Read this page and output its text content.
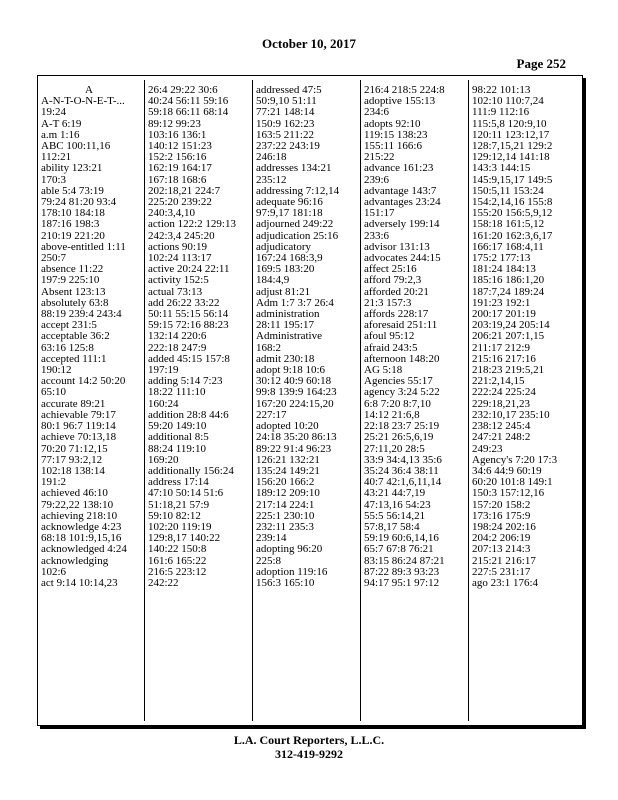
October 10, 2017
Page 252
A
A-N-T-O-N-E-T-...
19:24
A-T 6:19
a.m 1:16
ABC 100:11,16
112:21
ability 123:21
170:3
able 5:4 73:19
79:24 81:20 93:4
178:10 184:18
187:16 198:3
210:19 221:20
above-entitled 1:11
250:7
absence 11:22
197:9 225:10
Absent 123:13
absolutely 63:8
88:19 239:4 243:4
accept 231:5
acceptable 36:2
63:16 125:8
accepted 111:1
190:12
account 14:2 50:20
65:10
accurate 89:21
achievable 79:17
80:1 96:7 119:14
achieve 70:13,18
70:20 71:12,15
77:17 93:2,12
102:18 138:14
191:2
achieved 46:10
79:22,22 138:10
achieving 218:10
acknowledge 4:23
68:18 101:9,15,16
acknowledged 4:24
acknowledging
102:6
act 9:14 10:14,23
26:4 29:22 30:6
40:24 56:11 59:16
59:18 66:11 68:14
89:12 99:23
103:16 136:1
140:12 151:23
152:2 156:16
162:19 164:17
167:18 168:6
202:18,21 224:7
225:20 239:22
240:3,4,10
action 122:2 129:13
242:3,4 245:20
actions 90:19
102:24 113:17
active 20:24 22:11
activity 152:5
actual 73:13
add 26:22 33:22
50:11 55:15 56:14
59:15 72:16 88:23
132:14 220:6
222:18 247:9
added 45:15 157:8
197:19
adding 5:14 7:23
18:22 111:10
160:24
addition 28:8 44:6
59:20 149:10
additional 8:5
88:24 119:10
169:20
additionally 156:24
address 17:14
47:10 50:14 51:6
51:18,21 57:9
59:10 82:12
102:20 119:19
129:8,17 140:22
140:22 150:8
161:6 165:22
216:5 223:12
242:22
addressed 47:5
50:9,10 51:11
77:21 148:14
150:9 162:23
163:5 211:22
237:22 243:19
246:18
addresses 134:21
235:12
addressing 7:12,14
adequate 96:16
97:9,17 181:18
adjourned 249:22
adjudication 25:16
adjudicatory
167:24 168:3,9
169:5 183:20
184:4,9
adjust 81:21
Adm 1:7 3:7 26:4
administration
28:11 195:17
Administrative
168:2
admit 230:18
adopt 9:18 10:6
30:12 40:9 60:18
99:8 139:9 164:23
167:20 224:15,20
227:17
adopted 10:20
24:18 35:20 86:13
89:22 91:4 96:23
126:21 132:21
135:24 149:21
156:20 166:2
189:12 209:10
217:14 224:1
225:1 230:10
232:11 235:3
239:14
adopting 96:20
225:8
adoption 119:16
156:3 165:10
216:4 218:5 224:8
adoptive 155:13
234:6
adopts 92:10
119:15 138:23
155:11 166:6
215:22
advance 161:23
239:6
advantage 143:7
advantages 23:24
151:17
adversely 199:14
233:6
advisor 131:13
advocates 244:15
affect 25:16
afford 79:2,3
afforded 20:21
21:3 157:3
affords 228:17
aforesaid 251:11
afoul 95:12
afraid 243:5
afternoon 148:20
AG 5:18
Agencies 55:17
agency 3:24 5:22
6:8 7:20 8:7,10
14:12 21:6,8
22:18 23:7 25:19
25:21 26:5,6,19
27:11,20 28:5
33:9 34:4,13 35:6
35:24 36:4 38:11
40:7 42:1,6,11,14
43:21 44:7,19
47:13,16 54:23
55:5 56:14,21
57:8,17 58:4
59:19 60:6,14,16
65:7 67:8 76:21
83:15 86:24 87:21
87:22 89:3 93:23
94:17 95:1 97:12
98:22 101:13
102:10 110:7,24
111:9 112:16
115:5,8 120:9,10
120:11 123:12,17
128:7,15,21 129:2
129:12,14 141:18
143:3 144:15
145:9,15,17 149:5
150:5,11 153:24
154:2,14,16 155:8
155:20 156:5,9,12
158:18 161:5,12
161:20 162:3,6,17
166:17 168:4,11
175:2 177:13
181:24 184:13
185:16 186:1,20
187:7,24 189:24
191:23 192:1
200:17 201:19
203:19,24 205:14
206:21 207:1,15
211:17 212:9
215:16 217:16
218:23 219:5,21
221:2,14,15
222:24 225:24
229:18,21,23
232:10,17 235:10
238:12 245:4
247:21 248:2
249:23
Agency's 7:20 17:3
34:6 44:9 60:19
60:20 101:8 149:1
150:3 157:12,16
157:20 158:2
173:16 175:9
198:24 202:16
204:2 206:19
207:13 214:3
215:21 216:17
227:5 231:17
ago 23:1 176:4
L.A. Court Reporters, L.L.C.
312-419-9292
